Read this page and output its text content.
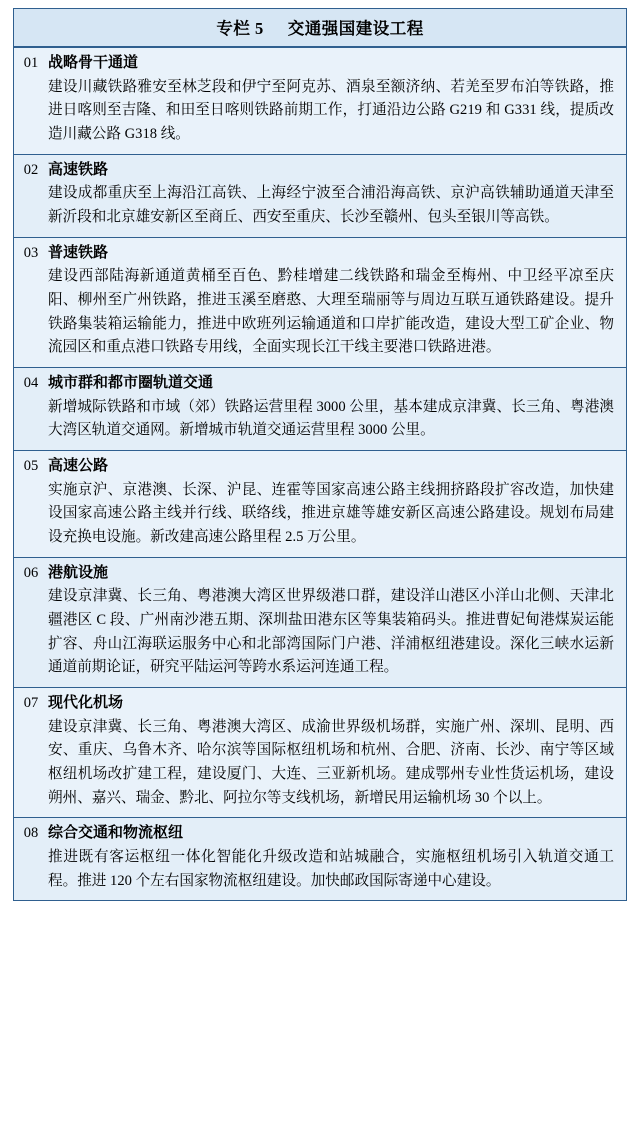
专栏 5 交通强国建设工程
01 战略骨干通道
建设川藏铁路雅安至林芝段和伊宁至阿克苏、酒泉至额济纳、若羌至罗布泊等铁路，推进日喀则至吉隆、和田至日喀则铁路前期工作，打通沿边公路 G219 和 G331 线，提质改造川藏公路 G318 线。
02 高速铁路
建设成都重庆至上海沿江高铁、上海经宁波至合浦沿海高铁、京沪高铁辅助通道天津至新沂段和北京雄安新区至商丘、西安至重庆、长沙至赣州、包头至银川等高铁。
03 普速铁路
建设西部陆海新通道黄桶至百色、黔桂增建二线铁路和瑞金至梅州、中卫经平凉至庆阳、柳州至广州铁路，推进玉溪至磨憨、大理至瑞丽等与周边互联互通铁路建设。提升铁路集装箱运输能力，推进中欧班列运输通道和口岸扩能改造，建设大型工矿企业、物流园区和重点港口铁路专用线，全面实现长江干线主要港口铁路进港。
04 城市群和都市圈轨道交通
新增城际铁路和市域（郊）铁路运营里程 3000 公里，基本建成京津冀、长三角、粤港澳大湾区轨道交通网。新增城市轨道交通运营里程 3000 公里。
05 高速公路
实施京沪、京港澳、长深、沪昆、连霍等国家高速公路主线拥挤路段扩容改造，加快建设国家高速公路主线并行线、联络线，推进京雄等雄安新区高速公路建设。规划布局建设充换电设施。新改建高速公路里程 2.5 万公里。
06 港航设施
建设京津冀、长三角、粤港澳大湾区世界级港口群，建设洋山港区小洋山北侧、天津北疆港区 C 段、广州南沙港五期、深圳盐田港东区等集装箱码头。推进曹妃甸港煤炭运能扩容、舟山江海联运服务中心和北部湾国际门户港、洋浦枢纽港建设。深化三峡水运新通道前期论证，研究平陆运河等跨水系运河连通工程。
07 现代化机场
建设京津冀、长三角、粤港澳大湾区、成渝世界级机场群，实施广州、深圳、昆明、西安、重庆、乌鲁木齐、哈尔滨等国际枢纽机场和杭州、合肥、济南、长沙、南宁等区域枢纽机场改扩建工程，建设厦门、大连、三亚新机场。建成鄂州专业性货运机场，建设朔州、嘉兴、瑞金、黔北、阿拉尔等支线机场，新增民用运输机场 30 个以上。
08 综合交通和物流枢纽
推进既有客运枢纽一体化智能化升级改造和站城融合，实施枢纽机场引入轨道交通工程。推进 120 个左右国家物流枢纽建设。加快邮政国际寄递中心建设。
